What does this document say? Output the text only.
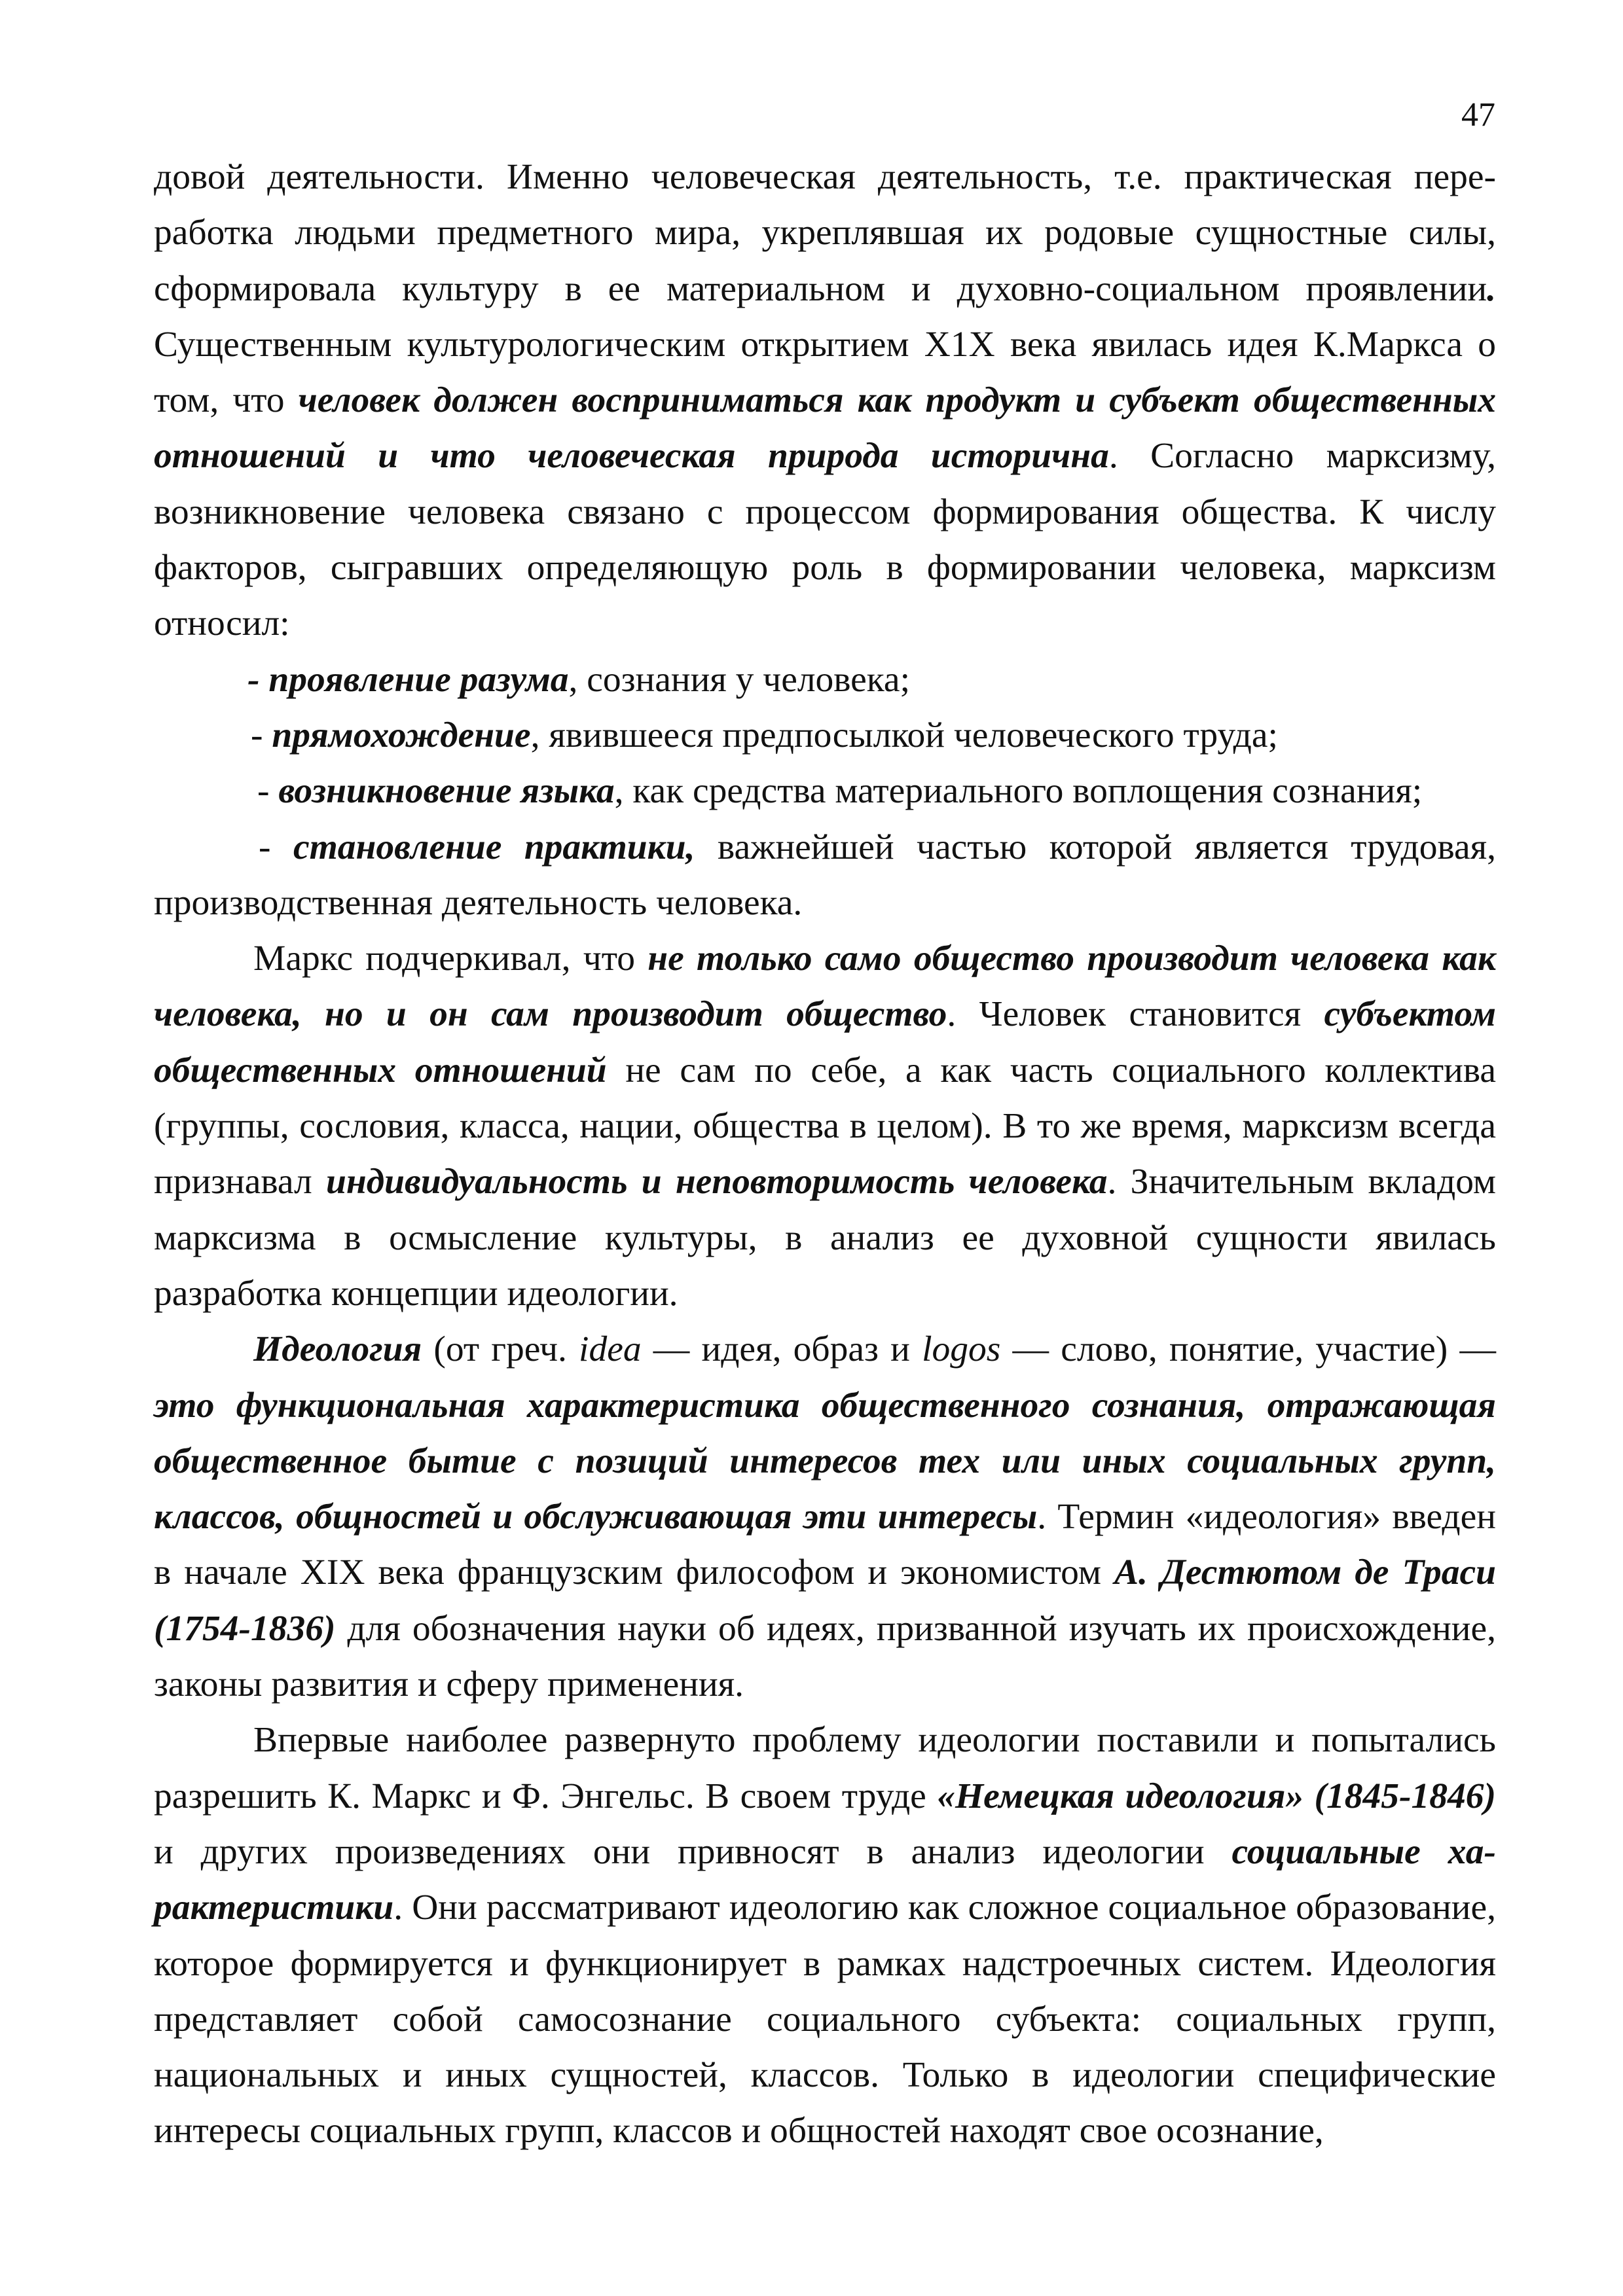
47

довой деятельности. Именно человеческая деятельность, т.е. практическая переработка людьми предметного мира, укреплявшая их родовые сущностные силы, сформировала культуру в ее материальном и духовно-социальном проявлении. Существенным культурологическим открытием Х1Х века явилась идея К.Маркса о том, что человек должен восприниматься как продукт и субъект общественных отношений и что человеческая природа исторична. Согласно марксизму, возникновение человека связано с процессом формирования общества. К числу факторов, сыгравших определяющую роль в формировании человека, марксизм относил:

- проявление разума, сознания у человека;

- прямохождение, явившееся предпосылкой человеческого труда;

- возникновение языка, как средства материального воплощения сознания;

- становление практики, важнейшей частью которой является трудовая, производственная деятельность человека.

Маркс подчеркивал, что не только само общество производит человека как человека, но и он сам производит общество. Человек становится субъектом общественных отношений не сам по себе, а как часть социального коллектива (группы, сословия, класса, нации, общества в целом). В то же время, марксизм всегда признавал индивидуальность и неповторимость человека. Значительным вкладом марксизма в осмысление культуры, в анализ ее духовной сущности явилась разработка концепции идеологии.

Идеология (от греч. idea — идея, образ и logos — слово, понятие, участие) — это функциональная характеристика общественного сознания, отражающая общественное бытие с позиций интересов тех или иных социальных групп, классов, общностей и обслуживающая эти интересы. Термин «идеология» введен в начале XIX века французским философом и экономистом А. Дестютом де Траси (1754-1836) для обозначения науки об идеях, призванной изучать их происхождение, законы развития и сферу применения.

Впервые наиболее развернуто проблему идеологии поставили и попытались разрешить К. Маркс и Ф. Энгельс. В своем труде «Немецкая идеология» (1845-1846) и других произведениях они привносят в анализ идеологии социальные характеристики. Они рассматривают идеологию как сложное социальное образование, которое формируется и функционирует в рамках надстроечных систем. Идеология представляет собой самосознание социального субъекта: социальных групп, национальных и иных сущностей, классов. Только в идеологии специфические интересы социальных групп, классов и общностей находят свое осознание,
